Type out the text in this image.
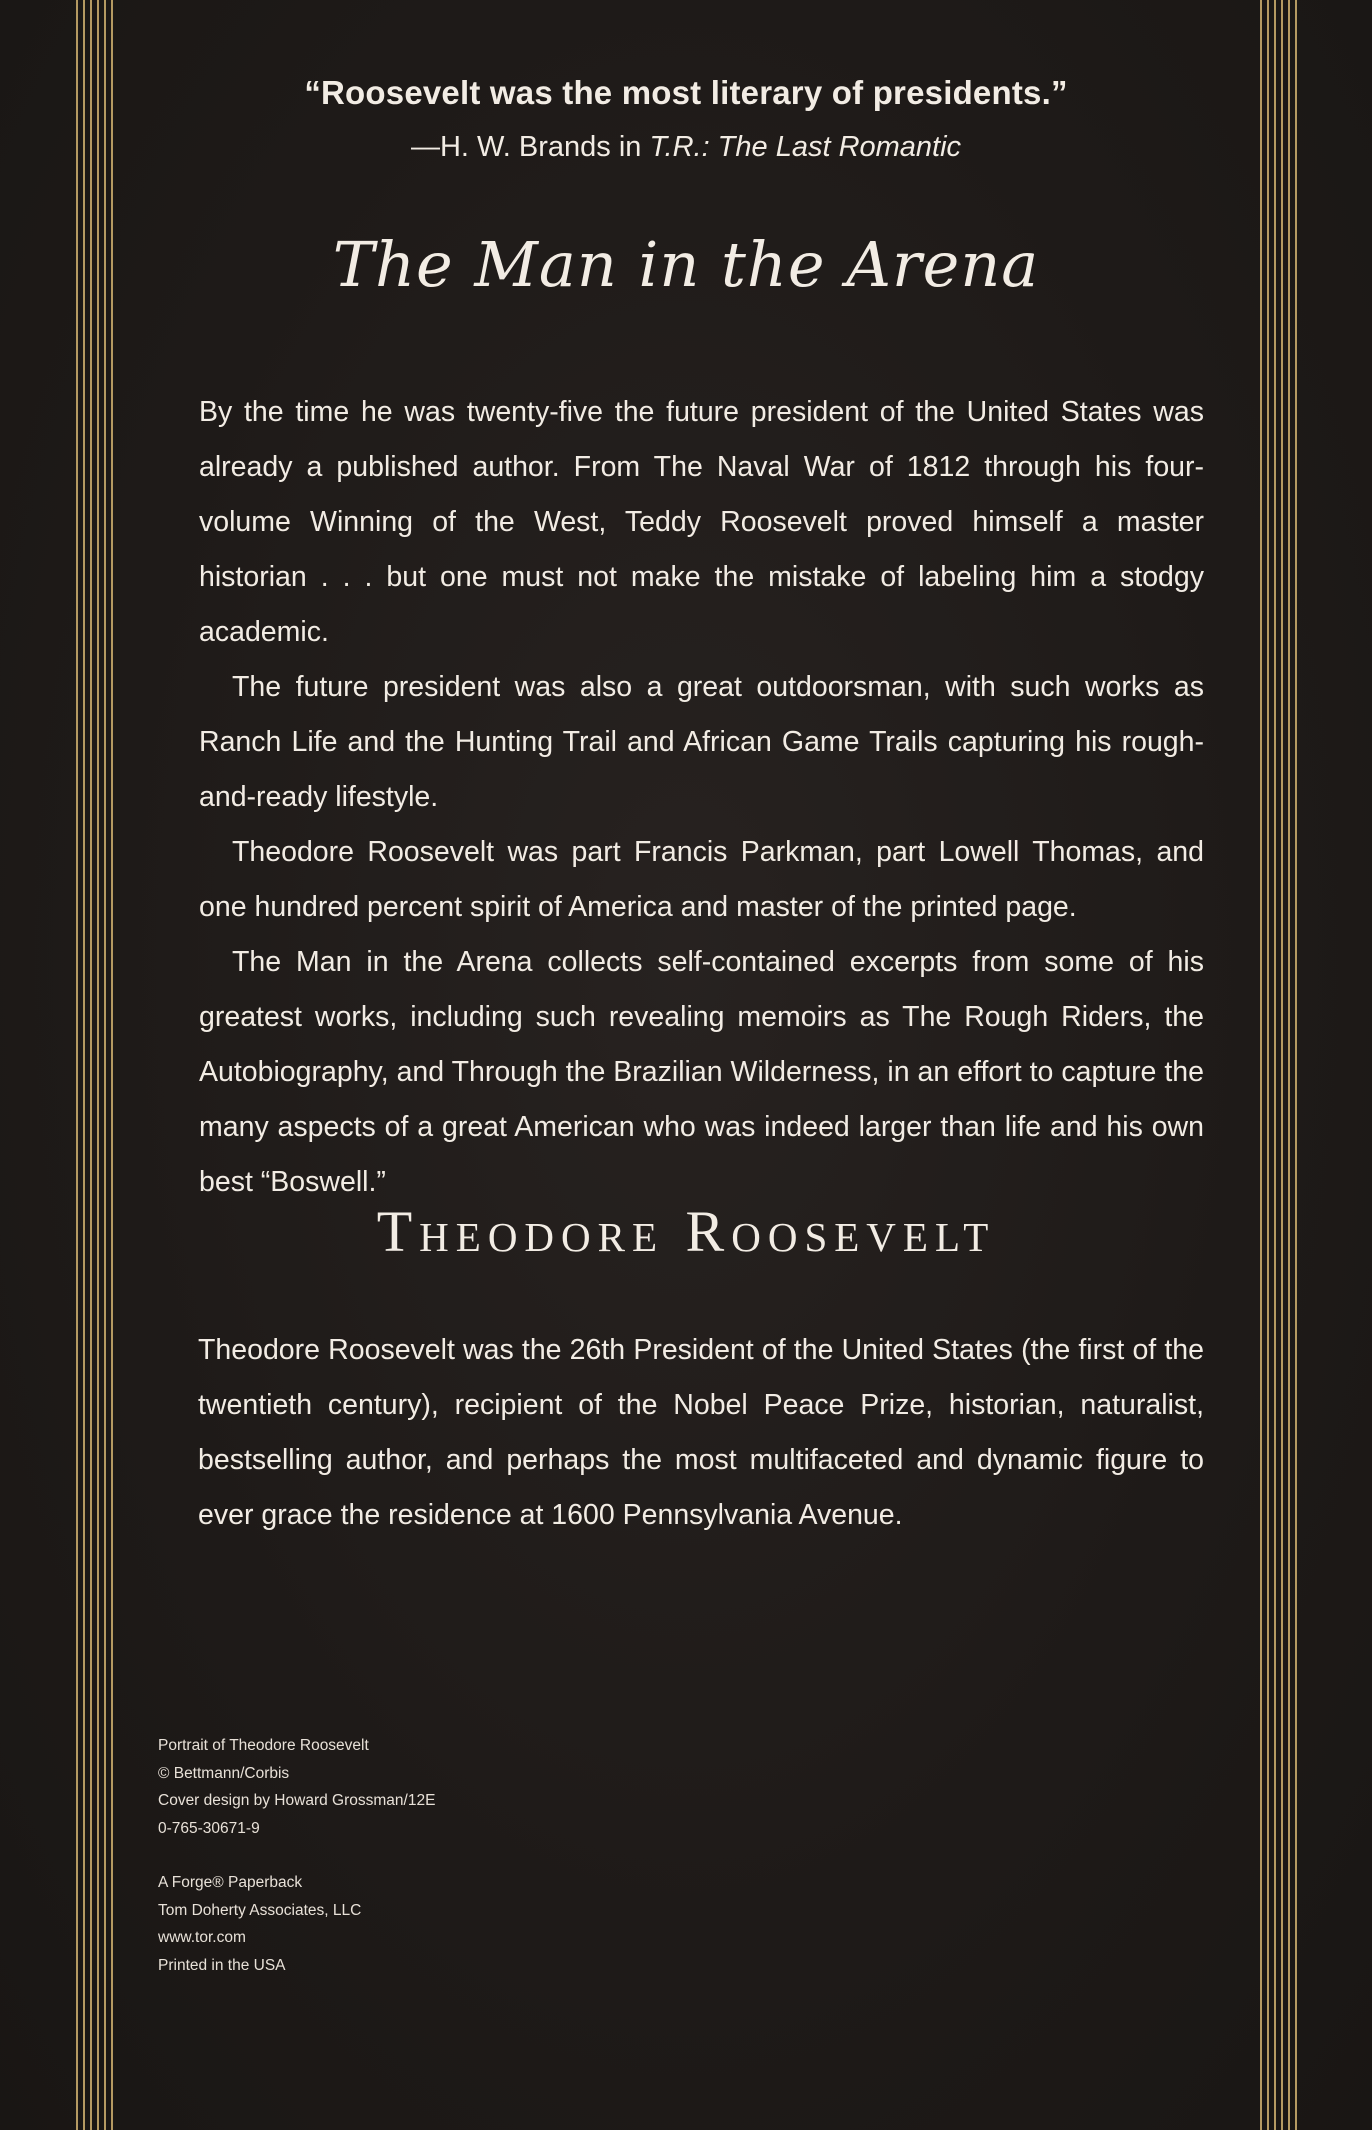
“Roosevelt was the most literary of presidents.”
—H. W. Brands in T.R.: The Last Romantic
The Man in the Arena

By the time he was twenty-five the future president of the United States was already a published author. From The Naval War of 1812 through his four-volume Winning of the West, Teddy Roosevelt proved himself a master historian . . . but one must not make the mistake of labeling him a stodgy academic.

The future president was also a great outdoorsman, with such works as Ranch Life and the Hunting Trail and African Game Trails capturing his rough-and-ready lifestyle.

Theodore Roosevelt was part Francis Parkman, part Lowell Thomas, and one hundred percent spirit of America and master of the printed page.

The Man in the Arena collects self-contained excerpts from some of his greatest works, including such revealing memoirs as The Rough Riders, the Autobiography, and Through the Brazilian Wilderness, in an effort to capture the many aspects of a great American who was indeed larger than life and his own best “Boswell.”

Theodore Roosevelt

Theodore Roosevelt was the 26th President of the United States (the first of the twentieth century), recipient of the Nobel Peace Prize, historian, naturalist, bestselling author, and perhaps the most multifaceted and dynamic figure to ever grace the residence at 1600 Pennsylvania Avenue.

Portrait of Theodore Roosevelt
© Bettmann/Corbis
Cover design by Howard Grossman/12E
0-765-30671-9
A Forge® Paperback
Tom Doherty Associates, LLC
www.tor.com
Printed in the USA
